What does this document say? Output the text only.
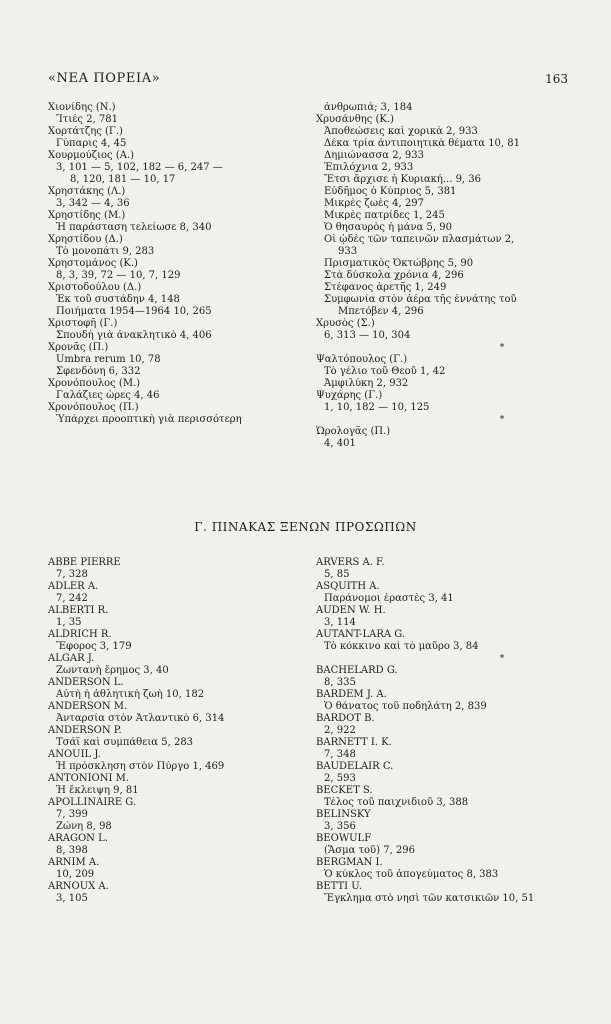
«ΝΕΑ ΠΟΡΕΙΑ»	163
Χιονίδης (Ν.)
Ἴτιές 2, 781
Χορτάτζης (Γ.)
Γύπαρις 4, 45
Χουρμούζιος (Α.)
3, 101 — 5, 102, 182 — 6, 247 —
8, 120, 181 — 10, 17
Χρηστάκης (Λ.)
3, 342 — 4, 36
Χρηστίδης (Μ.)
Ἡ παράσταση τελείωσε 8, 340
Χρηστίδου (Δ.)
Τὸ μονοπάτι 9, 283
Χρηστομάνος (Κ.)
8, 3, 39, 72 — 10, 7, 129
Χριστοδούλου (Δ.)
Ἐκ τοῦ συστάδην 4, 148
Ποιήματα 1954—1964 10, 265
Χριστοφῆ (Γ.)
Σπουδὴ γιὰ ἀνακλητικὸ 4, 406
Χρονᾶς (Π.)
Umbra rerum 10, 78
Σφενδόνη 6, 332
Χρονόπουλος (Μ.)
Γαλάζιες ὧρες 4, 46
Χρονόπουλος (Π.)
Ὑπάρχει προοπτικὴ γιὰ περισσότερη
ἀνθρωπιά; 3, 184
Χρυσάνθης (Κ.)
Ἀποθεώσεις καὶ χορικὰ 2, 933
Δέκα τρία ἀντιποιητικὰ θέματα 10, 81
Δημιώνασσα 2, 933
Ἐπιλόχνια 2, 933
Ἔτσι ἄρχισε ἡ Κυριακή... 9, 36
Εὐδῆμος ὁ Κύπριος 5, 381
Μικρὲς ζωὲς 4, 297
Μικρὲς πατρίδες 1, 245
Ὁ θησαυρὸς ἡ μάνα 5, 90
Οἱ ᾠδὲς τῶν ταπεινῶν πλασμάτων 2,
933
Πρισματικὸς Ὀκτώβρης 5, 90
Στὰ δύσκολα χρόνια 4, 296
Στέφανος ἀρετῆς 1, 249
Συμφωνία στὸν ἀέρα τῆς ἐννάτης τοῦ
Μπετόβεν 4, 296
Χρυσὸς (Σ.)
6, 313 — 10, 304
*
Ψαλτόπουλος (Γ.)
Τὸ γέλιο τοῦ Θεοῦ 1, 42
Ἀμφιλύκη 2, 932
Ψυχάρης (Γ.)
1, 10, 182 — 10, 125
*
Ὡρολογᾶς (Π.)
4, 401
Γ. ΠΙΝΑΚΑΣ ΞΕΝΩΝ ΠΡΟΣΩΠΩΝ
ABBE PIERRE
7, 328
ADLER A.
7, 242
ALBERTI R.
1, 35
ALDRICH R.
Ἔφορος 3, 179
ALGAR J.
Ζωντανὴ ἔρημος 3, 40
ANDERSON L.
Αὐτὴ ἡ ἀθλητικὴ ζωὴ 10, 182
ANDERSON M.
Ἀνταρσία στὸν Ἀτλαντικὸ 6, 314
ANDERSON P.
Τσάϊ καὶ συμπάθεια 5, 283
ANOUIL J.
Ἡ πρόσκληση στὸν Πύργο 1, 469
ANTONIONI M.
Ἡ ἔκλειψη 9, 81
APOLLINAIRE G.
7, 399
Ζώνη 8, 98
ARAGON L.
8, 398
ARNIM A.
10, 209
ARNOUX A.
3, 105
ARVERS A. F.
5, 85
ASQUITH A.
Παράνομοι ἐραστὲς 3, 41
AUDEN W. H.
3, 114
AUTANT-LARA G.
Τὸ κόκκινο καὶ τὸ μαῦρο 3, 84
*
BACHELARD G.
8, 335
BARDEM J. A.
Ὁ θάνατος τοῦ ποδηλάτη 2, 839
BARDOT B.
2, 922
BARNETT I. K.
7, 348
BAUDELAIR C.
2, 593
BECKET S.
Τέλος τοῦ παιχνιδιοῦ 3, 388
BELINSKY
3, 356
BEOWULF
(Ἄσμα τοῦ) 7, 296
BERGMAN I.
Ὁ κύκλος τοῦ ἀπογεύματος 8, 383
BETTI U.
Ἔγκλημα στὸ νησὶ τῶν κατσικιῶν 10, 51
